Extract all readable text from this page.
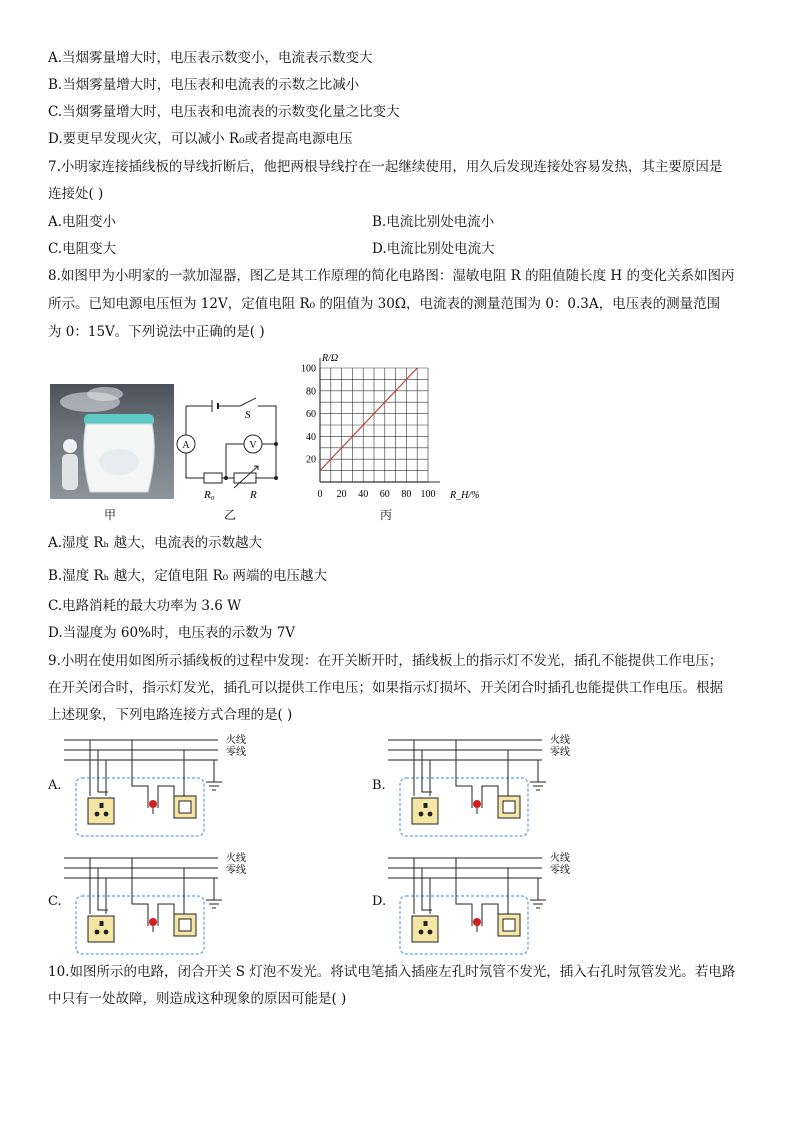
A.当烟雾量增大时，电压表示数变小，电流表示数变大
B.当烟雾量增大时，电压表和电流表的示数之比减小
C.当烟雾量增大时，电压表和电流表的示数变化量之比变大
D.要更早发现火灾，可以减小 R₀或者提高电源电压
7.小明家连接插线板的导线折断后，他把两根导线拧在一起继续使用，用久后发现连接处容易发热，其主要原因是
连接处( )
A.电阻变小	B.电流比别处电流小
C.电阻变大	D.电流比别处电流大
8.如图甲为小明家的一款加湿器，图乙是其工作原理的简化电路图：湿敏电阻 R 的阻值随长度 H 的变化关系如图丙
所示。已知电源电压恒为 12V，定值电阻 R₀ 的阻值为 30Ω，电流表的测量范围为 0：0.3A，电压表的测量范围
为 0：15V。下列说法中正确的是( )
甲
A	V
S
R₀	R
乙
0 20 40 60 80 100
20
40
60
80
100
R/Ω
R_H/%
丙
A.湿度 Rₕ 越大，电流表的示数越大
B.湿度 Rₕ 越大，定值电阻 R₀ 两端的电压越大
C.电路消耗的最大功率为 3.6 W
D.当湿度为 60%时，电压表的示数为 7V
9.小明在使用如图所示插线板的过程中发现：在开关断开时，插线板上的指示灯不发光，插孔不能提供工作电压；
在开关闭合时，指示灯发光，插孔可以提供工作电压；如果指示灯损坏、开关闭合时插孔也能提供工作电压。根据
上述现象，下列电路连接方式合理的是( )
A.	B.
C.	D.
火线
零线
火线
零线
火线
零线
火线
零线
10.如图所示的电路，闭合开关 S 灯泡不发光。将试电笔插入插座左孔时氖管不发光，插入右孔时氖管发光。若电路
中只有一处故障，则造成这种现象的原因可能是( )
